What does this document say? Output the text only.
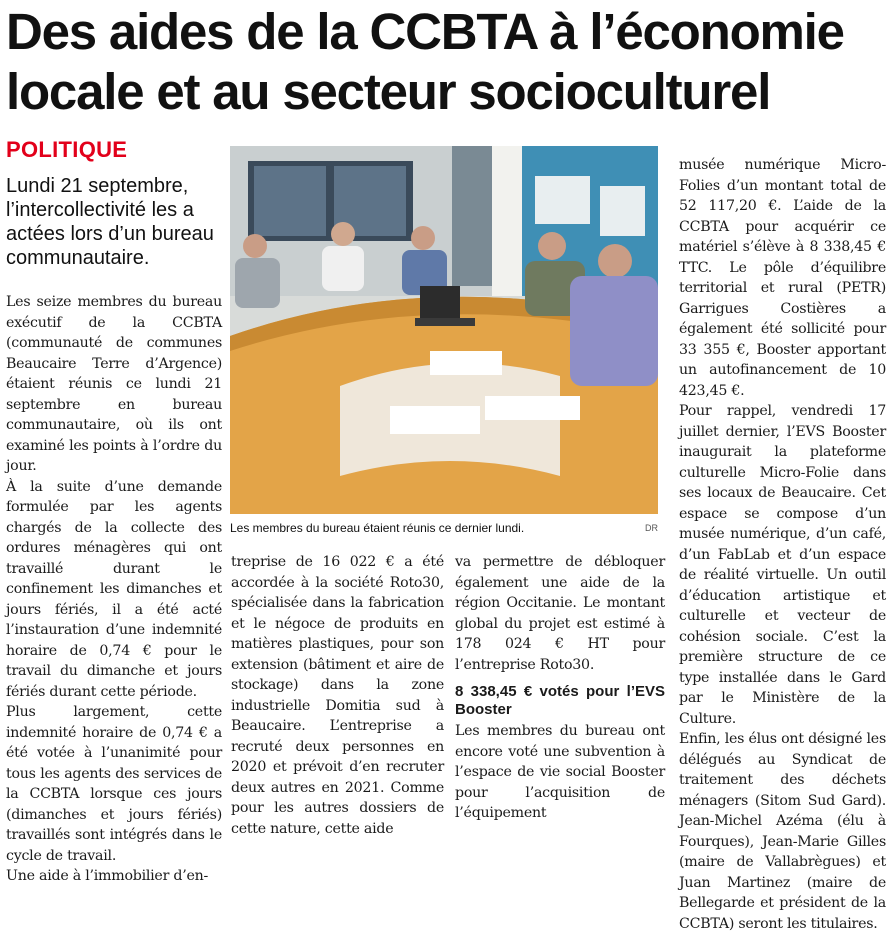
Des aides de la CCBTA à l’économie
locale et au secteur socioculturel
POLITIQUE
Lundi 21 septembre, l’intercollectivité les a actées lors d’un bureau communautaire.

Les seize membres du bureau exécutif de la CCBTA (communauté de communes Beaucaire Terre d’Argence) étaient réunis ce lundi 21 septembre en bureau communautaire, où ils ont examiné les points à l’ordre du jour.

À la suite d’une demande formulée par les agents chargés de la collecte des ordures ménagères qui ont travaillé durant le confinement les dimanches et jours fériés, il a été acté l’instauration d’une indemnité horaire de 0,74 € pour le travail du dimanche et jours fériés durant cette période.

Plus largement, cette indemnité horaire de 0,74 € a été votée à l’unanimité pour tous les agents des services de la CCBTA lorsque ces jours (dimanches et jours fériés) travaillés sont intégrés dans le cycle de travail.

Une aide à l’immobilier d’en-

Les membres du bureau étaient réunis ce dernier lundi.	DR

treprise de 16 022 € a été accordée à la société Roto30, spécialisée dans la fabrication et le négoce de produits en matières plastiques, pour son extension (bâtiment et aire de stockage) dans la zone industrielle Domitia sud à Beaucaire. L’entreprise a recruté deux personnes en 2020 et prévoit d’en recruter deux autres en 2021. Comme pour les autres dossiers de cette nature, cette aide

va permettre de débloquer également une aide de la région Occitanie. Le montant global du projet est estimé à 178 024 € HT pour l’entreprise Roto30.

8 338,45 € votés pour l’EVS Booster

Les membres du bureau ont encore voté une subvention à l’espace de vie social Booster pour l’acquisition de l’équipement

musée numérique Micro-Folies d’un montant total de 52 117,20 €. L’aide de la CCBTA pour acquérir ce matériel s’élève à 8 338,45 € TTC. Le pôle d’équilibre territorial et rural (PETR) Garrigues Costières a également été sollicité pour 33 355 €, Booster apportant un autofinancement de 10 423,45 €.

Pour rappel, vendredi 17 juillet dernier, l’EVS Booster inaugurait la plateforme culturelle Micro-Folie dans ses locaux de Beaucaire. Cet espace se compose d’un musée numérique, d’un café, d’un FabLab et d’un espace de réalité virtuelle. Un outil d’éducation artistique et culturelle et vecteur de cohésion sociale. C’est la première structure de ce type installée dans le Gard par le Ministère de la Culture.

Enfin, les élus ont désigné les délégués au Syndicat de traitement des déchets ménagers (Sitom Sud Gard). Jean-Michel Azéma (élu à Fourques), Jean-Marie Gilles (maire de Vallabrègues) et Juan Martinez (maire de Bellegarde et président de la CCBTA) seront les titulaires.
